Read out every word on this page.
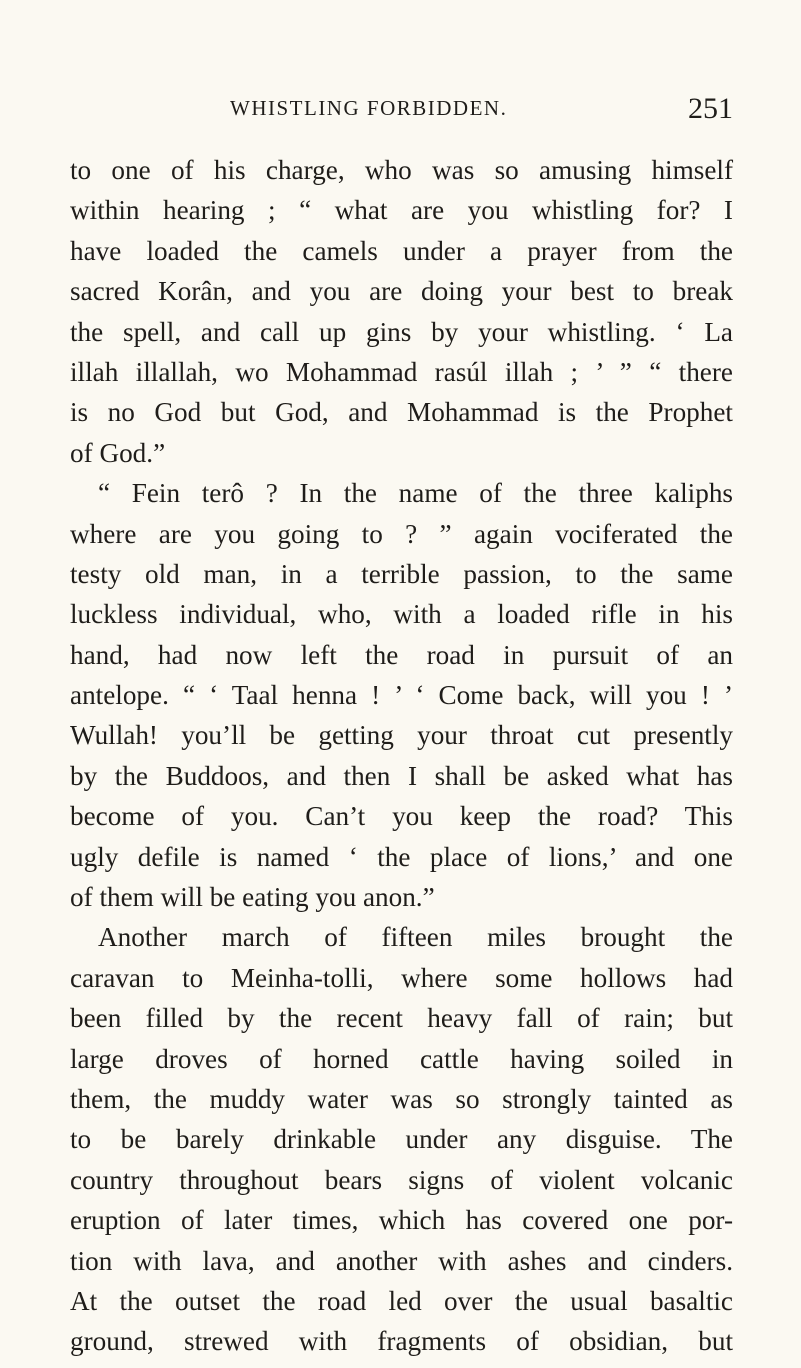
WHISTLING FORBIDDEN.	251
to one of his charge, who was so amusing himself
within hearing ; “ what are you whistling for? I
have loaded the camels under a prayer from the
sacred Korân, and you are doing your best to break
the spell, and call up gins by your whistling. ‘ La
illah illallah, wo Mohammad rasúl illah ; ’ ” “ there
is no God but God, and Mohammad is the Prophet
of God.”
“ Fein terô ? In the name of the three kaliphs
where are you going to ? ” again vociferated the
testy old man, in a terrible passion, to the same
luckless individual, who, with a loaded rifle in his
hand, had now left the road in pursuit of an
antelope. “ ‘ Taal henna ! ’ ‘ Come back, will you ! ’
Wullah! you’ll be getting your throat cut presently
by the Buddoos, and then I shall be asked what has
become of you. Can’t you keep the road? This
ugly defile is named ‘ the place of lions,’ and one
of them will be eating you anon.”
Another march of fifteen miles brought the
caravan to Meinha-tolli, where some hollows had
been filled by the recent heavy fall of rain; but
large droves of horned cattle having soiled in
them, the muddy water was so strongly tainted as
to be barely drinkable under any disguise. The
country throughout bears signs of violent volcanic
eruption of later times, which has covered one por-
tion with lava, and another with ashes and cinders.
At the outset the road led over the usual basaltic
ground, strewed with fragments of obsidian, but
